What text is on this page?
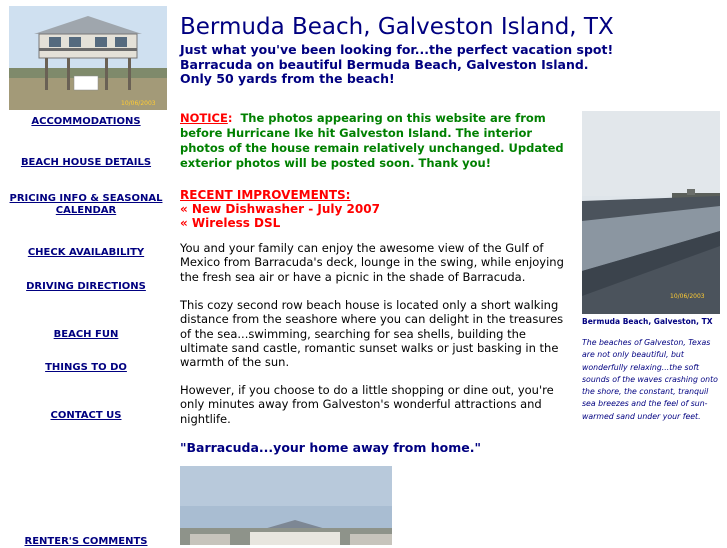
10/06/2003
ACCOMMODATIONS
BEACH HOUSE DETAILS
PRICING INFO & SEASONAL CALENDAR
CHECK AVAILABILITY
DRIVING DIRECTIONS
BEACH FUN
THINGS TO DO
CONTACT US
RENTER'S COMMENTS
Bermuda Beach, Galveston Island, TX
Just what you've been looking for...the perfect vacation spot!
Barracuda on beautiful Bermuda Beach, Galveston Island.
Only 50 yards from the beach!
NOTICE: The photos appearing on this website are from before Hurricane Ike hit Galveston Island. The interior photos of the house remain relatively unchanged. Updated exterior photos will be posted soon. Thank you!
RECENT IMPROVEMENTS:
« New Dishwasher - July 2007
« Wireless DSL
You and your family can enjoy the awesome view of the Gulf of Mexico from Barracuda's deck, lounge in the swing, while enjoying the fresh sea air or have a picnic in the shade of Barracuda.
This cozy second row beach house is located only a short walking distance from the seashore where you can delight in the treasures of the sea...swimming, searching for sea shells, building the ultimate sand castle, romantic sunset walks or just basking in the warmth of the sun.
However, if you choose to do a little shopping or dine out, you're only minutes away from Galveston's wonderful attractions and nightlife.
"Barracuda...your home away from home."
10/06/2003
Bermuda Beach, Galveston, TX
The beaches of Galveston, Texas are not only beautiful, but wonderfully relaxing...the soft sounds of the waves crashing onto the shore, the constant, tranquil sea breezes and the feel of sun-warmed sand under your feet.
